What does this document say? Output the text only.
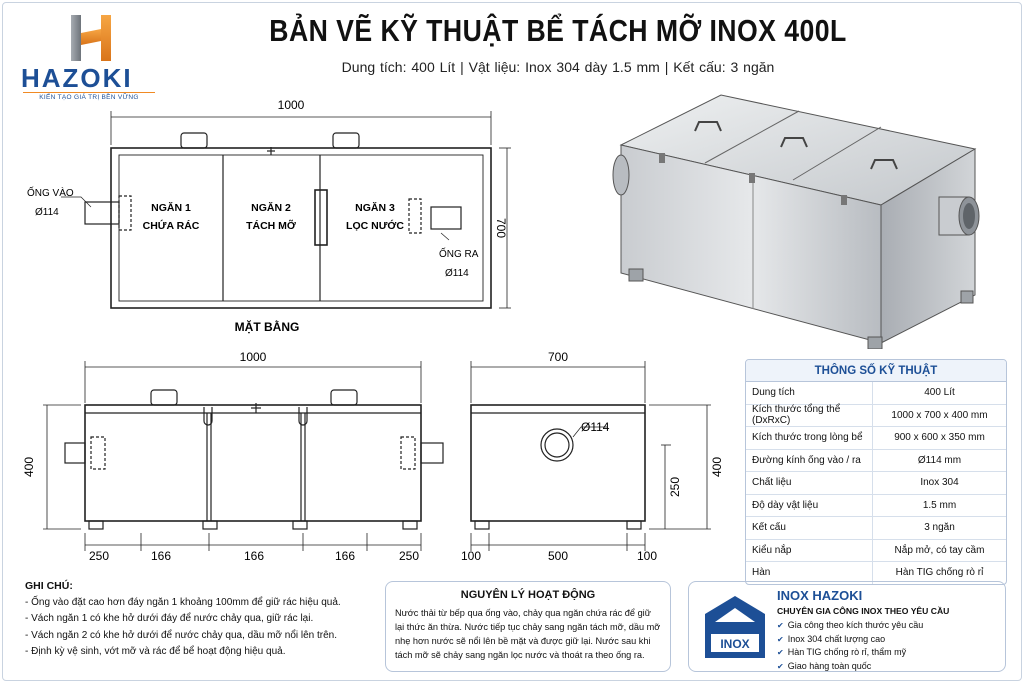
HAZOKI
KIẾN TẠO GIÁ TRỊ BỀN VỮNG
BẢN VẼ KỸ THUẬT BỂ TÁCH MỠ INOX 400L
Dung tích: 400 Lít | Vật liệu: Inox 304 dày 1.5 mm | Kết cấu: 3 ngăn
1000
700
ỐNG VÀO
Ø114
ỐNG RA
Ø114
NGĂN 1
CHỨA RÁC
NGĂN 2
TÁCH MỠ
NGĂN 3
LỌC NƯỚC
MẶT BẰNG
1000
400
250	166	166	166	250
700
Ø114
400
250
100	500	100
THÔNG SỐ KỸ THUẬT
Dung tích	400 Lít
Kích thước tổng thể (DxRxC)	1000 x 700 x 400 mm
Kích thước trong lòng bể	900 x 600 x 350 mm
Đường kính ống vào / ra	Ø114 mm
Chất liệu	Inox 304
Độ dày vật liệu	1.5 mm
Kết cấu	3 ngăn
Kiểu nắp	Nắp mở, có tay cầm
Hàn	Hàn TIG chống rò rỉ
GHI CHÚ:
- Ống vào đặt cao hơn đáy ngăn 1 khoảng 100mm để giữ rác hiệu quả.
- Vách ngăn 1 có khe hở dưới đáy để nước chảy qua, giữ rác lại.
- Vách ngăn 2 có khe hở dưới để nước chảy qua, dầu mỡ nổi lên trên.
- Định kỳ vệ sinh, vớt mỡ và rác để bể hoạt động hiệu quả.
NGUYÊN LÝ HOẠT ĐỘNG
Nước thải từ bếp qua ống vào, chảy qua ngăn chứa rác để giữ lại thức ăn thừa. Nước tiếp tục chảy sang ngăn tách mỡ, dầu mỡ nhẹ hơn nước sẽ nổi lên bề mặt và được giữ lại. Nước sau khi tách mỡ sẽ chảy sang ngăn lọc nước và thoát ra theo ống ra.
INOX
INOX HAZOKI
CHUYÊN GIA CÔNG INOX THEO YÊU CẦU
✔ Gia công theo kích thước yêu cầu
✔ Inox 304 chất lượng cao
✔ Hàn TIG chống rò rỉ, thẩm mỹ
✔ Giao hàng toàn quốc
